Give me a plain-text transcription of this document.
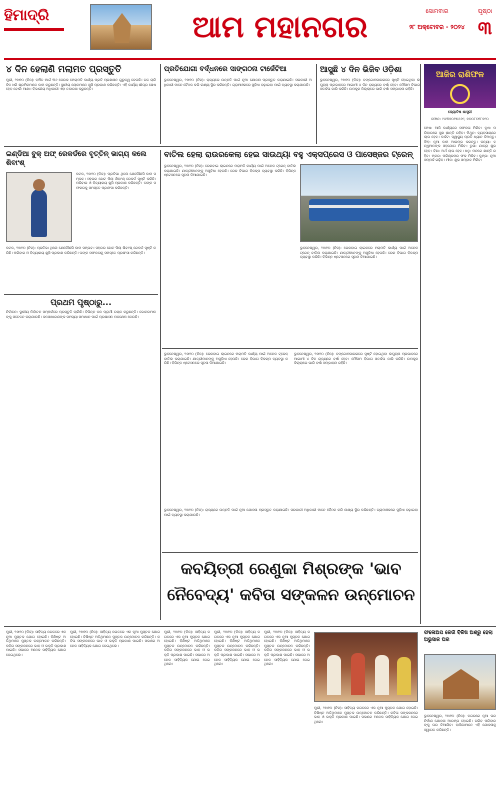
ହିମାଦ୍ରି	ଆମ ମହାନଗର	ସୋମବାର
୨୮ ଅକ୍ଟୋବର - ୨୦୨୪
ପୃଷ୍ଠା
୩
୪ ଦିନ ହେଲାଣି ମଲାମତ ପ୍ରସ୍ତୁତି
ପୁରୀ, ୨୭ା୧୦ (ନିଜ): ବର୍ଷିତ ମାର୍ଗ ୩୬ ଦେଉଳ ମେରାମତି କାର୍ଯ୍ୟ ପ୍ରତି ପ୍ରଶାସନ ଗୁରୁତ୍ୱ ଦେଉଛି। ଗତ ଚାରି ଦିନ ଧରି ଶ୍ରମିକମାନେ କାମ କରୁଛନ୍ତି। ସ୍ଥାନୀୟ ଲୋକମାନେ ଖୁସି ପ୍ରକାଶ କରିଛନ୍ତି। ଏହି କାର୍ଯ୍ୟ ଶୀଘ୍ର ଶେଷ ହେବ ବୋଲି ଆଶା। ବିଭାଗୀୟ ଅଧିକାରୀ ଏହା ତଦାରଖ କରୁଛନ୍ତି।
ପ୍ରତିଯୋଗୀ ବର୍ଦ୍ଧନରେ ସାଙ୍ଗଠନା ଟାର୍ଜେଟିଆ
ଭୁବନେଶ୍ୱର, ୨୭ା୧୦ (ନିଜ): ରାଜ୍ୟରେ ଉନ୍ନତି ପାଇଁ ନୂଆ ଯୋଜନା ପ୍ରସ୍ତୁତ କରାଯାଇଛି। ସରକାରୀ ଅଧିକାରୀ ମାନେ ବୈଠକ କରି ଲକ୍ଷ୍ୟ ସ୍ଥିର କରିଛନ୍ତି। ଗ୍ରାମାଞ୍ଚଳରେ ସୁବିଧା ବଢ଼ାଇବା ପାଇଁ ବ୍ୟବସ୍ଥା କରାଯାଉଛି।
ଆସୁଛି ୪ ଦିନ ଭିଜିବ ଓଡ଼ିଶା
ଭୁବନେଶ୍ୱର, ୨୭ା୧୦ (ନିଜ): ବଙ୍ଗୋପସାଗରରେ ସୃଷ୍ଟି ହୋଇଥିବା ଲଘୁଚାପ ପ୍ରଭାବରେ ଆଗାମୀ ୪ ଦିନ ରାଜ୍ୟରେ ବର୍ଷା ହେବ। ମୌସମ ବିଭାଗ ସତର୍କତା ଜାରି କରିଛି। ଉପକୂଳ ଜିଲ୍ଲାରେ ଭାରି ବର୍ଷା ସମ୍ଭାବନା ରହିଛି।
ଆଜିର ରାଶିଫଳ
ଜ୍ୟୋତିଷ ଶାସ୍ତ୍ରୀ
ଫୋନ: ୯୪୩୭୦୧୫୬୬୯, ୭୦୦୮୦୧୮୭୯୦
ମେଷ: ଆଜି କାର୍ଯ୍ୟରେ ସଫଳତା ମିଳିବ। ବୃଷ: ପରିବାରରେ ସୁଖ ଶାନ୍ତି ରହିବ। ମିଥୁନ: ବ୍ୟବସାୟରେ ଲାଭ ହେବ। କର୍କଟ: ସ୍ୱାସ୍ଥ୍ୟ ପ୍ରତି ଧ୍ୟାନ ଦିଅନ୍ତୁ। ସିଂହ: ନୂଆ କାମ ଆରମ୍ଭ କରନ୍ତୁ। କନ୍ୟା: ବନ୍ଧୁମାନଙ୍କ ସହଯୋଗ ମିଳିବ। ତୁଳା: ଯାତ୍ରା ଶୁଭ ହେବ। ବିଛା: ଅର୍ଥ ଲାଭ ହେବ। ଧନୁ: ମନରେ ଶାନ୍ତି ରହିବ। ମକର: ପରିଶ୍ରମର ଫଳ ମିଳିବ। କୁମ୍ଭ: ନୂଆ ସମ୍ପର୍କ ଗଢ଼ିବ। ମୀନ: ଶୁଭ ସମ୍ବାଦ ମିଳିବ।
ଇଣ୍ଡିଆ ବୁକ୍ ଅଫ୍ ରେକର୍ଡରେ ବୃତ୍ତିନ୍ ଭାଗ୍ୟ କଲେ ଶିବାଂଶ୍
କଟକ, ୨୭ା୧୦ (ନିଜ): ପ୍ରତିଭା ଥିଲେ ଯେକୌଣସି କାମ ସମ୍ଭବ। ସହରର ଛୋଟ ପିଲା ଶିବାଂଶ୍ ରେକର୍ଡ ସୃଷ୍ଟି କରିଛି। ପରିବାର ଓ ବିଦ୍ୟାଳୟ ଖୁସି ପ୍ରକାଶ କରିଛନ୍ତି। ତାଙ୍କ ସଫଳତାକୁ ସମସ୍ତେ ପ୍ରଶଂସା କରିଛନ୍ତି।
କଟକ, ୨୭ା୧୦ (ନିଜ): ପ୍ରତିଭା ଥିଲେ ଯେକୌଣସି କାମ ସମ୍ଭବ। ସହରର ଛୋଟ ପିଲା ଶିବାଂଶ୍ ରେକର୍ଡ ସୃଷ୍ଟି କରିଛି। ପରିବାର ଓ ବିଦ୍ୟାଳୟ ଖୁସି ପ୍ରକାଶ କରିଛନ୍ତି। ତାଙ୍କ ସଫଳତାକୁ ସମସ୍ତେ ପ୍ରଶଂସା କରିଛନ୍ତି।
ବାତିଲ ହେଲା ରାଉରକେଲା ହେଇ ସାଉଥ୍ୟା ବହୁ ଏକ୍ସପ୍ରେସ ଓ ପାସେଞ୍ଜର ଟ୍ରେନ୍
ଭୁବନେଶ୍ୱର, ୨୭ା୧୦ (ନିଜ): ରେଳବାଇ ଲାଇନରେ ମରାମତି କାର୍ଯ୍ୟ ପାଇଁ ଅନେକ ଟ୍ରେନ୍ ବାତିଲ କରାଯାଇଛି। ଯାତ୍ରୀମାନଙ୍କୁ ଅସୁବିଧା ହେଉଛି। ରେଳ ବିଭାଗ ବିକଳ୍ପ ବ୍ୟବସ୍ଥା କରିଛି। ବିଭିନ୍ନ ଷ୍ଟେସନରେ ସୂଚନା ଦିଆଯାଇଛି।
ଭୁବନେଶ୍ୱର, ୨୭ା୧୦ (ନିଜ): ରେଳବାଇ ଲାଇନରେ ମରାମତି କାର୍ଯ୍ୟ ପାଇଁ ଅନେକ ଟ୍ରେନ୍ ବାତିଲ କରାଯାଇଛି। ଯାତ୍ରୀମାନଙ୍କୁ ଅସୁବିଧା ହେଉଛି। ରେଳ ବିଭାଗ ବିକଳ୍ପ ବ୍ୟବସ୍ଥା କରିଛି। ବିଭିନ୍ନ ଷ୍ଟେସନରେ ସୂଚନା ଦିଆଯାଇଛି।
ପ୍ରଥମ ପୃଷ୍ଠାରୁ...
ନିର୍ବାଚନ: ସ୍ଥାନୀୟ ନିର୍ବାଚନ ସମ୍ପର୍କରେ ପ୍ରସ୍ତୁତି ଚାଲିଛି। ବିଭିନ୍ନ ଦଳ ପ୍ରାର୍ଥୀ ଚୟନ କରୁଛନ୍ତି। ଭୋଟରମାନଙ୍କୁ ସଚେତନ କରାଯାଉଛି। ଜନସାଧାରଣଙ୍କ ସମସ୍ୟା ସମାଧାନ ପାଇଁ ପ୍ରଶାସନ ପଦକ୍ଷେପ ନେଉଛି।
ଭୁବନେଶ୍ୱର, ୨୭ା୧୦ (ନିଜ): ରେଳବାଇ ଲାଇନରେ ମରାମତି କାର୍ଯ୍ୟ ପାଇଁ ଅନେକ ଟ୍ରେନ୍ ବାତିଲ କରାଯାଇଛି। ଯାତ୍ରୀମାନଙ୍କୁ ଅସୁବିଧା ହେଉଛି। ରେଳ ବିଭାଗ ବିକଳ୍ପ ବ୍ୟବସ୍ଥା କରିଛି। ବିଭିନ୍ନ ଷ୍ଟେସନରେ ସୂଚନା ଦିଆଯାଇଛି।
ଭୁବନେଶ୍ୱର, ୨୭ା୧୦ (ନିଜ): ବଙ୍ଗୋପସାଗରରେ ସୃଷ୍ଟି ହୋଇଥିବା ଲଘୁଚାପ ପ୍ରଭାବରେ ଆଗାମୀ ୪ ଦିନ ରାଜ୍ୟରେ ବର୍ଷା ହେବ। ମୌସମ ବିଭାଗ ସତର୍କତା ଜାରି କରିଛି। ଉପକୂଳ ଜିଲ୍ଲାରେ ଭାରି ବର୍ଷା ସମ୍ଭାବନା ରହିଛି।
ଭୁବନେଶ୍ୱର, ୨୭ା୧୦ (ନିଜ): ରାଜ୍ୟରେ ଉନ୍ନତି ପାଇଁ ନୂଆ ଯୋଜନା ପ୍ରସ୍ତୁତ କରାଯାଇଛି। ସରକାରୀ ଅଧିକାରୀ ମାନେ ବୈଠକ କରି ଲକ୍ଷ୍ୟ ସ୍ଥିର କରିଛନ୍ତି। ଗ୍ରାମାଞ୍ଚଳରେ ସୁବିଧା ବଢ଼ାଇବା ପାଇଁ ବ୍ୟବସ୍ଥା କରାଯାଉଛି।
କବୟିତ୍ରୀ ରେଣୁକା ମିଶ୍ରଙ୍କ 'ଭାବ ନୈବେଦ୍ୟ' କବିତା ସଙ୍କଳନ ଉନ୍ମୋଚନ
ପୁରୀ, ୨୭ା୧୦ (ନିଜ): ସାହିତ୍ୟ ଜଗତରେ ଏକ ନୂଆ ପୁସ୍ତକ ଯୋଗ ହୋଇଛି। ବିଶିଷ୍ଟ ଅତିଥିମାନେ ପୁସ୍ତକ ଉନ୍ମୋଚନ କରିଛନ୍ତି। କବିତା ସଙ୍କଳନରେ ଭାବ ଓ ଭକ୍ତି ପ୍ରକାଶ ପାଇଛି। ସଭାରେ ଅନେକ ସାହିତ୍ୟିକ ଯୋଗ ଦେଇଥିଲେ।
ପୁରୀ, ୨୭ା୧୦ (ନିଜ): ସାହିତ୍ୟ ଜଗତରେ ଏକ ନୂଆ ପୁସ୍ତକ ଯୋଗ ହୋଇଛି। ବିଶିଷ୍ଟ ଅତିଥିମାନେ ପୁସ୍ତକ ଉନ୍ମୋଚନ କରିଛନ୍ତି। କବିତା ସଙ୍କଳନରେ ଭାବ ଓ ଭକ୍ତି ପ୍ରକାଶ ପାଇଛି। ସଭାରେ ଅନେକ ସାହିତ୍ୟିକ ଯୋଗ ଦେଇଥିଲେ।
ପୁରୀ, ୨୭ା୧୦ (ନିଜ): ସାହିତ୍ୟ ଜଗତରେ ଏକ ନୂଆ ପୁସ୍ତକ ଯୋଗ ହୋଇଛି। ବିଶିଷ୍ଟ ଅତିଥିମାନେ ପୁସ୍ତକ ଉନ୍ମୋଚନ କରିଛନ୍ତି। କବିତା ସଙ୍କଳନରେ ଭାବ ଓ ଭକ୍ତି ପ୍ରକାଶ ପାଇଛି। ସଭାରେ ଅନେକ ସାହିତ୍ୟିକ ଯୋଗ ଦେଇଥିଲେ।
ପୁରୀ, ୨୭ା୧୦ (ନିଜ): ସାହିତ୍ୟ ଜଗତରେ ଏକ ନୂଆ ପୁସ୍ତକ ଯୋଗ ହୋଇଛି। ବିଶିଷ୍ଟ ଅତିଥିମାନେ ପୁସ୍ତକ ଉନ୍ମୋଚନ କରିଛନ୍ତି। କବିତା ସଙ୍କଳନରେ ଭାବ ଓ ଭକ୍ତି ପ୍ରକାଶ ପାଇଛି। ସଭାରେ ଅନେକ ସାହିତ୍ୟିକ ଯୋଗ ଦେଇଥିଲେ।
ପୁରୀ, ୨୭ା୧୦ (ନିଜ): ସାହିତ୍ୟ ଜଗତରେ ଏକ ନୂଆ ପୁସ୍ତକ ଯୋଗ ହୋଇଛି। ବିଶିଷ୍ଟ ଅତିଥିମାନେ ପୁସ୍ତକ ଉନ୍ମୋଚନ କରିଛନ୍ତି। କବିତା ସଙ୍କଳନରେ ଭାବ ଓ ଭକ୍ତି ପ୍ରକାଶ ପାଇଛି। ସଭାରେ ଅନେକ ସାହିତ୍ୟିକ ଯୋଗ ଦେଇଥିଲେ।
ପୁରୀ, ୨୭ା୧୦ (ନିଜ): ସାହିତ୍ୟ ଜଗତରେ ଏକ ନୂଆ ପୁସ୍ତକ ଯୋଗ ହୋଇଛି। ବିଶିଷ୍ଟ ଅତିଥିମାନେ ପୁସ୍ତକ ଉନ୍ମୋଚନ କରିଛନ୍ତି। କବିତା ସଙ୍କଳନରେ ଭାବ ଓ ଭକ୍ତି ପ୍ରକାଶ ପାଇଛି। ସଭାରେ ଅନେକ ସାହିତ୍ୟିକ ଯୋଗ ଦେଇଥିଲେ।
ଫଳୋଅପ କେଉଁ ବିକିଷ ଅଶ୍ରୁ ହେଲା ଅଭୁସାକ ଘର
ଭୁବନେଶ୍ୱର, ୨୭ା୧୦ (ନିଜ): ନଗରରେ ନୂଆ ଘର ନିର୍ମାଣ ଯୋଜନା ଆରମ୍ଭ ହୋଇଛି। ଗରିବ ପରିବାରଙ୍କୁ ଘର ଦିଆଯିବ। ବାସିନ୍ଦାମାନେ ଏହି ଯୋଜନାକୁ ସ୍ୱାଗତ କରିଛନ୍ତି।
